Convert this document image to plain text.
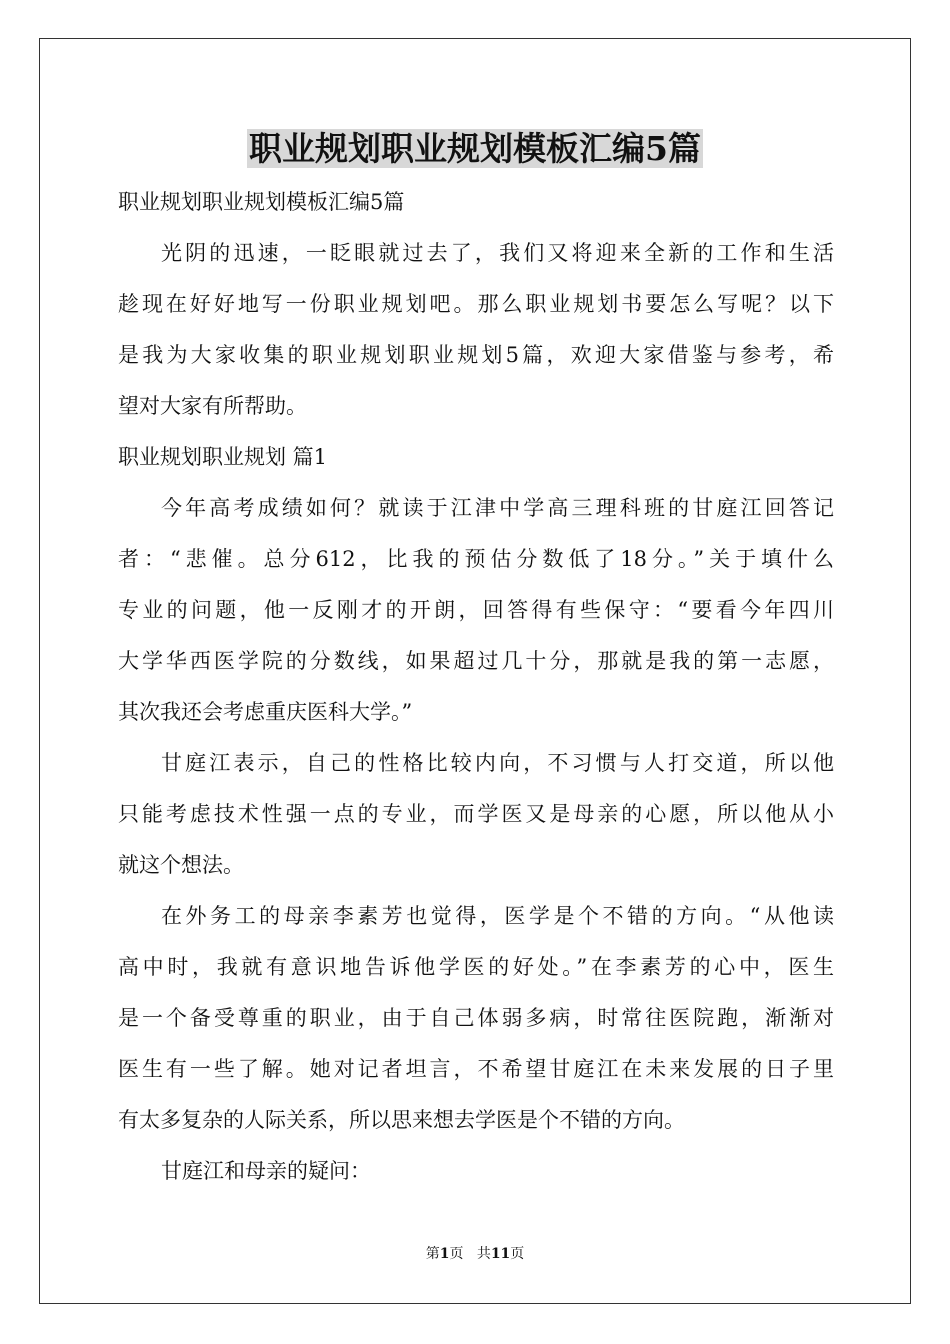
职业规划职业规划模板汇编5篇
职业规划职业规划模板汇编5篇
光阴的迅速，一眨眼就过去了，我们又将迎来全新的工作和生活
趁现在好好地写一份职业规划吧。那么职业规划书要怎么写呢？以下
是我为大家收集的职业规划职业规划5篇，欢迎大家借鉴与参考，希
望对大家有所帮助。
职业规划职业规划 篇1
今年高考成绩如何？就读于江津中学高三理科班的甘庭江回答记
者：“悲催。总分612，比我的预估分数低了18分。”关于填什么
专业的问题，他一反刚才的开朗，回答得有些保守：“要看今年四川
大学华西医学院的分数线，如果超过几十分，那就是我的第一志愿，
其次我还会考虑重庆医科大学。”
甘庭江表示，自己的性格比较内向，不习惯与人打交道，所以他
只能考虑技术性强一点的专业，而学医又是母亲的心愿，所以他从小
就这个想法。
在外务工的母亲李素芳也觉得，医学是个不错的方向。“从他读
高中时，我就有意识地告诉他学医的好处。”在李素芳的心中，医生
是一个备受尊重的职业，由于自己体弱多病，时常往医院跑，渐渐对
医生有一些了解。她对记者坦言，不希望甘庭江在未来发展的日子里
有太多复杂的人际关系，所以思来想去学医是个不错的方向。
甘庭江和母亲的疑问：
第1页 共11页
